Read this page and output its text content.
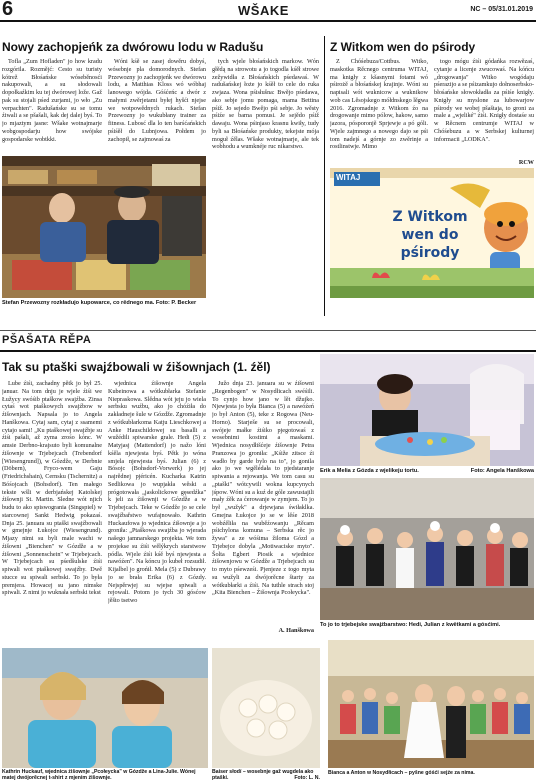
6	WŠAKE	NC – 05/31.01.2019
Nowy zachopjeńk za dwórowu lodu w Radušu

Tofla „Zum Hofladen" jo how kradu rozgórila. Rozmějć: Cesto su turisty kótrež Błośańske wóseběnosći nakupowali, a su słodowali dopołkaźkim ku tej dwórowej lože. Gaž pak su stojali pśed zurjami, jo wło „Zu verpachten". Radušańske su se tomu źiwali a se pšašali, kak dej dalej byś. To jo mjaztym jasne: Wšake wotnajmarje wobgospodarju how swójske gospodarske wobtkki.

Wóni kśě se zasej dowěru dobyś, wósebnje pla domorodnych. Stefan Przewozny jo zachopjeńk we dwórowu lodu, a Matthias Kloss wó wóbhaj lanowego wójda. Góśćeńc a dwór z małymi zwěrjetami byłej hyšći njejse we wotpowědnych rukach. Stefan Przewozny jo wukubłany trainer za fitness. Lubosć dla lo ten barśćańskich pśiśěł do Lubnjowa. Połdem jo zachopił, se zajmowaś za

tych wjele błośańskich markow. Wón głědą na strowotu a jo togodla kśěł strowe zežywidła z Błośańskich pśedawaś. W radušańskej łoże jo kśěł to cele do ruka zwjaza. Wona pśisłušna: Bwějo pśedawa, ako sebje jomu pomaga, mama Bettina pśiž. Jo sejedo Bwějo pśi sebje. Jo wěsty pśiźe se barna pomusi. Je sejědo pśiž dawaju. Wona pśinjaso krasnu kwiły, tudy byli sa Błośańske produkty, tekejste mója moguł źělas. Wšake wotnajmarje, ale tek wobhodu a wumknéje ruc nikarstwo.

Stefan Przewozny rozkładujo kupowarce, co rědnego ma. Foto: P. Becker
Z Witkom wen do pśirody

Z Chóśebuza/Cottbus. Witko, maskotka Rěcnego centruma WITAJ, ma knigły z kšasnymi fotami wó pśirożě a błośańskej krajinje. Wóni su napisali wót wuknicow a wuknikow wob cas Lěsojskego mółdnskego lěgwa 2016. Zgromadnje z Witkom źo na drogowanje mimo pólow, hakow, samo jazora, pósporonjě Sprjewje a pó góli. Wjele zajmnego a nowego dajo se pśi tom nadejś a górnje zo zwěrinje a rostlinstwje. Mimo

togo mógu źiśi gódańka rozwězaś, cytanje a licenje zwucowaś. Na kóńcu „drogowanja" Witko wogódaju pśerazijo a se pśizamkujo dołnoserbsko-błośańske słowokładła za pśiśe knigły. Knigły su myslone za lubowarjow pśirody we wobej pšaštaja, to groni za male a „wjeliké" źiśi. Knigły dostaśe su w Rěcnem centrumje WITAJ w Chóśebuzu a w Serbskej kulturnej informacii „LODKA".

RCW
WITAJ
Z Witkom wen do pśirody
PŠAŠATA RĚPA
Tak su ptaški swajźbowali w źišownjach (1. źěl)

Lube źiśi, zachadny pětk jo był 25. januar. Na tom dnju je wjele źiśi we Łužycy swóśib ptaškow swajźba. Zinsa cytaś wot ptaškowych swajźbow w źišownjach. Napsala jo to Angela Hanškowa. Cytaj sam, cytaj z ssamemi cytajo sami! „Ku ptaškowej swajźbje su źiśi pašali, až zyma zrośo kónc. W amsie Derbno-krajsuto byli komunalne źišownje w Trjebejcach (Trebendorf [Wiesengrund]), w Gózdže, w Derbnie (Döbern), Fryco-wem Gaju (Friedrichshain), Cernsku (Tschernitz) a Bóśojcach (Bohsdorf). Ten małego tekste wšli w derbjańskej Katolskej źišownji St. Martin. Sledne wót njich budu to ako spiswogrania (Singspiel) w starcownej Sankt Hedwig pokazaś. Dnja 25. januara su ptaški swajźbowali w gmejnje Łukojce (Wiesengrund). Mjazy nimi su byli male wachi w źišowni „Bienchen" w Gózdže a w źišowni „Sonnenschein" w Trjebejcach. W Trjebejcach su pśedšulske źiśi spiwali wot ptaškowej swajźby. Dwě stucce su spiwali serbski. To jo była premjera. Howacej su jano nimske spiwali. Z nimi jo wuknała serbski tekst

wjednica źišownje Angela Kubeinowa a wótkubłarka Stefanie Niepraskowa. Slědna wót jeju jo wiela serbsku wuźbu, ako jo chóźiła do zakładneje šule w Gózdže. Zgromadnje z wótkubłarkoma Katju Lieschkowej a Anke Hauschildowej su basalli a wužédili spiwarske grale. Hedi (5) z Matyjasj (Mattendorf) jo nažo lóni kśěla njewjesta byś. Pětk jo wóna smjela njewjesta byś. Julian (6) z Bósojc (Bohsdorf-Vorwerk) jo jej najrědnej pjéricén. Kucharka Katrin Sedlikowa jo wupjakła wěski a prógotowała „jaskolickowe gęsedźka" k jeli za źišownji w Gózdže a w Trjebejcach. Teke w Gózdže jo se cele swajźbařstwo wufajnowało. Kathrin Huckaufowa jo wjednica źišownje a jo groniła: „Ptaškowa swajźba jo wjerada našego jamnarskego projekta. We tom projekse su źiśi wělýkrych starstwow pódla. Wjele źiśi kśě byś njewjesta a nawóźen". Na kóncu jo kubeł rozsudił. Kijalbel jo grońił. Mela (5) z Dubrawy jo se brała Erika (6) z Gózdy. Nejspěrwjej su wjejse spiwali a rejowali. Potom jo tych 30 gósćow jěšto tsetwo

Južo dnja 23. januara su w źišowni „Regenbogen" w Nosydłicach swéśili. To cynjo how jano w lět džujko. Njewjesta jo była Bianca (5) a nawóźeń jo był Anton (5), teke z Rogowa (Neu-Horno). Starješe su se procowali, swójeje małke źiśiko pjegotowaś z wosebnimi kostimi a maskami. Wjednica nosydłišćeje źišownje Petra Pranzowa jo groniła: „Kśiže zitsce źi wadło by garde bylo na to", jo gonila ako jo we wgělédała to pjedstaranje spiwania a rejowanja. We tom casu su „ptaški" wótcywili wokna kupcynych jśpow. Wóni su a kuź de góle zawustajili mały źěk za ćerowanje w zymjem. To jo był „wužyk" a drjewjana świłaklka. Gmejna Łukojce jo se w lěśe 2018 wobźěliła na wuběźowanju „Rěcam pśichylona komuna – Serbska rěc jo žywa" a ze wóśima žiloma Gózd a Trjebejce dobyla „Motiwaciske myto". Šolta Egbert Piosik a wjednice źišownjowu w Gózdže a Trjebejcach su to myto pśewześi. Pjenjeze z togo myta su wužyli za dwójorěcne štarty za wótkubłarki a źiśi. Na tuthle strach stoj „Kita Bienchen – Źišownja Pcołeycka".

A. Hanškowa
Erik a Melia z Gózda z wjelikeju tortu.	Foto: Angela Hanškowa
To jo to trjebejske swajźbarstwo: Hedi, Julian z kwětkami a gósćimi.
Kathrin Huckauf, wjednica źišownje „Pcołeycka" w Gózdže a Lina-Julie. Wónej matej dwójorěcnej t-shirt z mjenim źišownje.
Baiser słodí – wosebnje gaž wugdela ako ptaški.	Foto: L. N.
Bianca a Anton w Nosydłicach – pyšne góśći sejźe za nima.
